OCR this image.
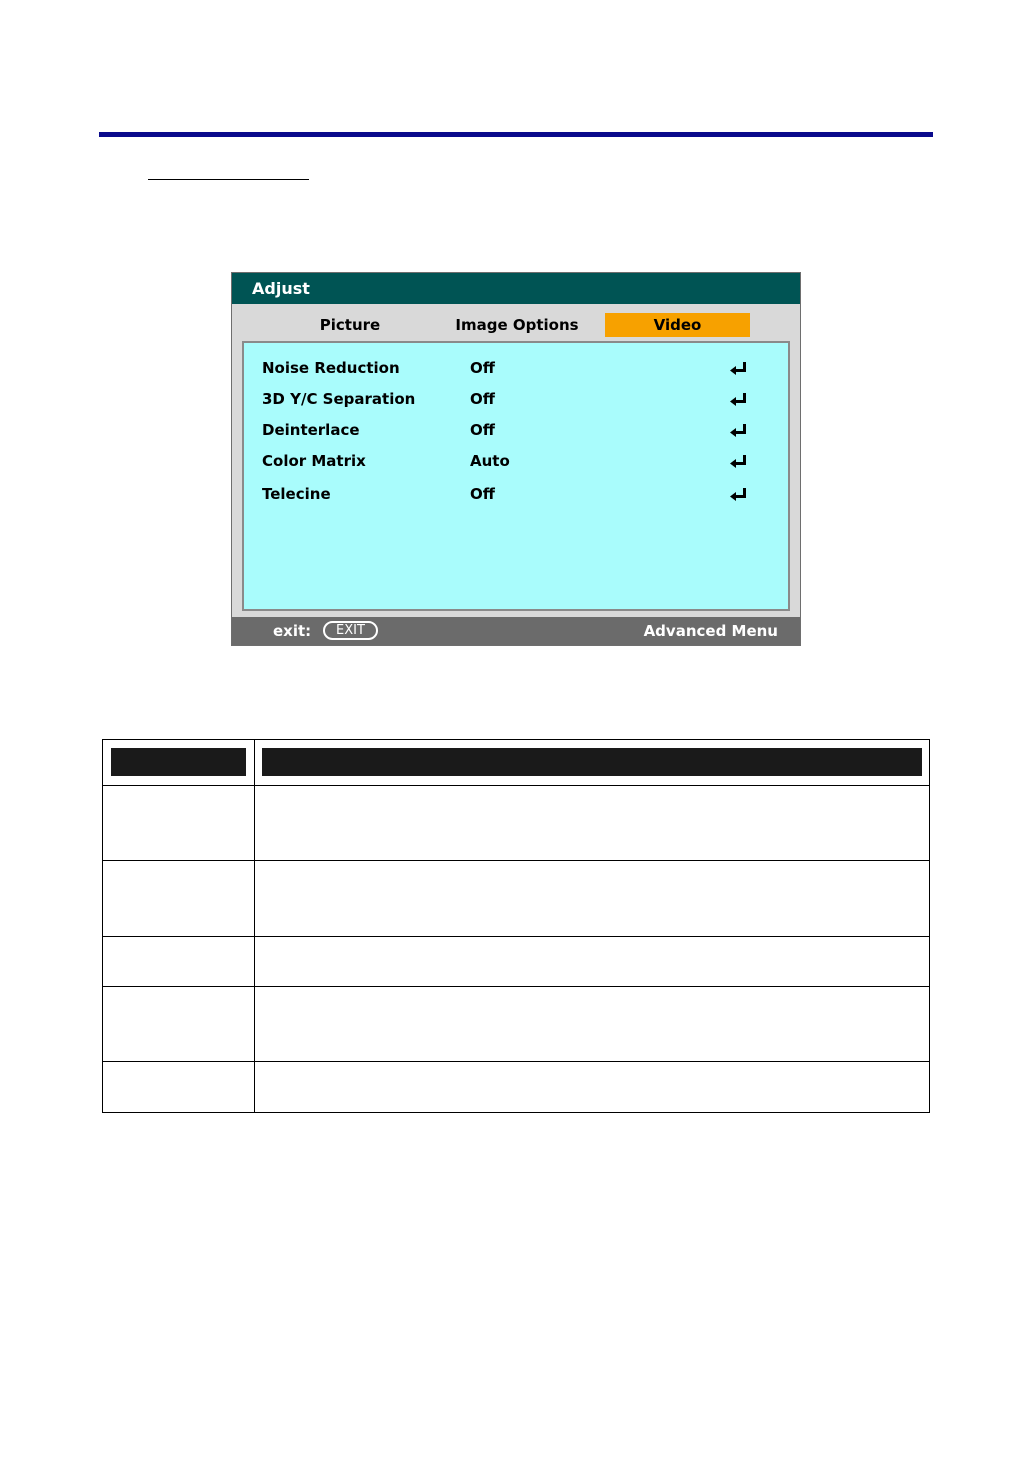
Adjust
Picture	Image Options	Video
Noise Reduction	Off
3D Y/C Separation	Off
Deinterlace	Off
Color Matrix	Auto
Telecine	Off
exit:	EXIT	Advanced Menu
